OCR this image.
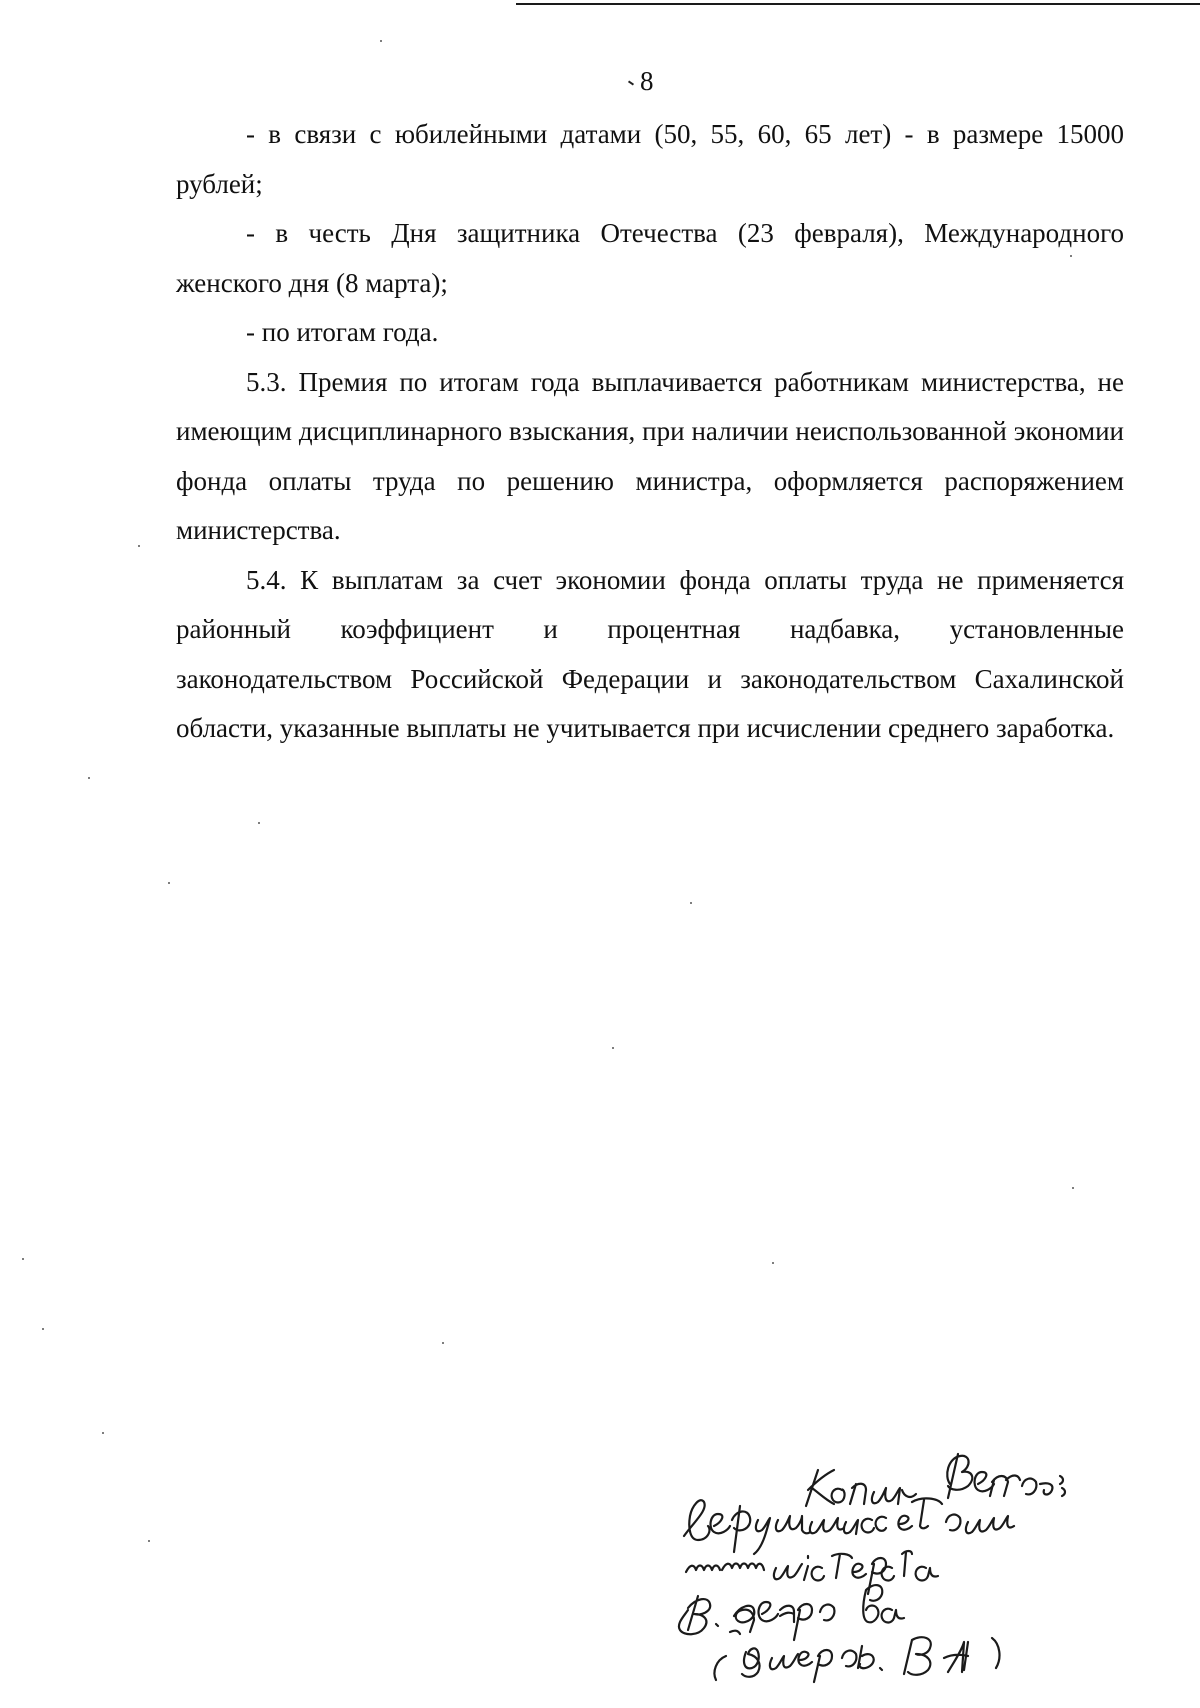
8

- в связи с юбилейными датами (50, 55, 60, 65 лет) - в размере 15000 рублей;

- в честь Дня защитника Отечества (23 февраля), Международного женского дня (8 марта);

- по итогам года.

5.3. Премия по итогам года выплачивается работникам министерства, не имеющим дисциплинарного взыскания, при наличии неиспользованной экономии фонда оплаты труда по решению министра, оформляется распоряжением министерства.

5.4. К выплатам за счет экономии фонда оплаты труда не применяется районный коэффициент и процентная надбавка, установленные законодательством Российской Федерации и законодательством Сахалинской области, указанные выплаты не учитывается при исчислении среднего заработка.
